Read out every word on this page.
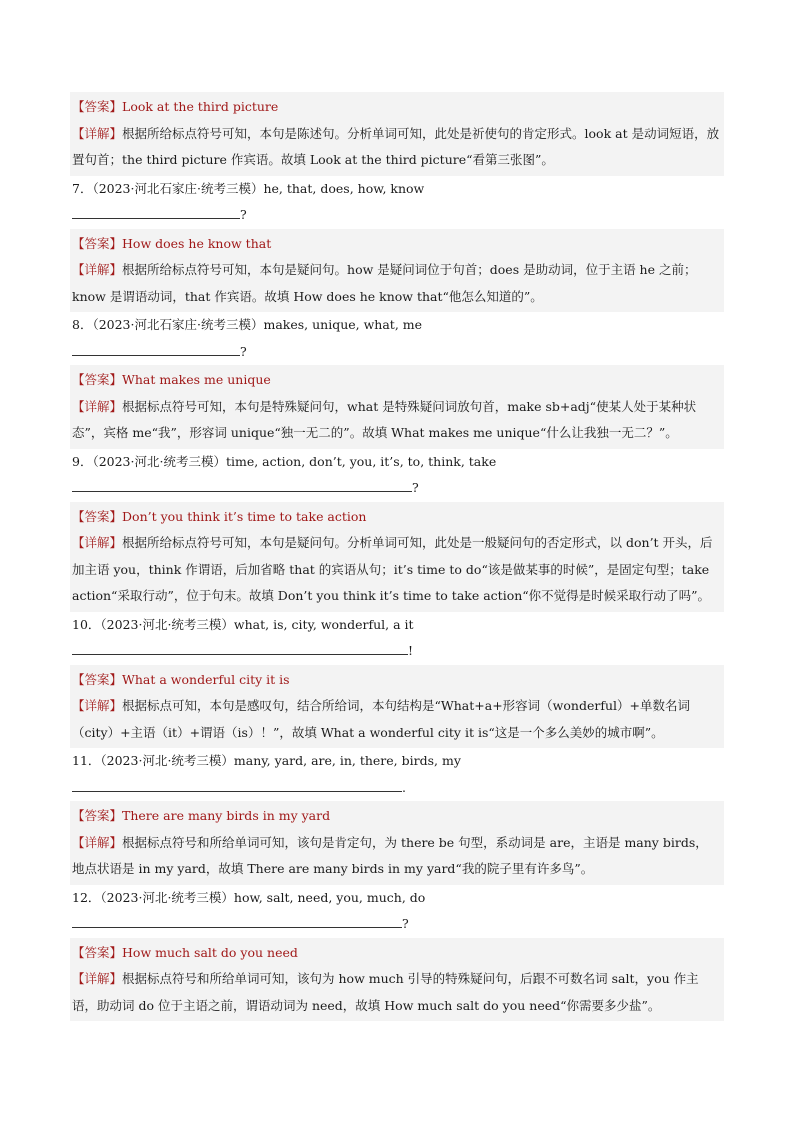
【答案】Look at the third picture
【详解】根据所给标点符号可知，本句是陈述句。分析单词可知，此处是祈使句的肯定形式。look at 是动词短语，放置句首；the third picture 作宾语。故填 Look at the third picture“看第三张图”。
7．（2023·河北石家庄·统考三模）he, that, does, how, know
?
【答案】How does he know that
【详解】根据所给标点符号可知，本句是疑问句。how 是疑问词位于句首；does 是助动词，位于主语 he 之前；know 是谓语动词，that 作宾语。故填 How does he know that“他怎么知道的”。
8．（2023·河北石家庄·统考三模）makes, unique, what, me
?
【答案】What makes me unique
【详解】根据标点符号可知，本句是特殊疑问句，what 是特殊疑问词放句首，make sb+adj“使某人处于某种状态”，宾格 me“我”，形容词 unique“独一无二的”。故填 What makes me unique“什么让我独一无二？”。
9．（2023·河北·统考三模）time, action, don’t, you, it’s, to, think, take
?
【答案】Don’t you think it’s time to take action
【详解】根据所给标点符号可知，本句是疑问句。分析单词可知，此处是一般疑问句的否定形式，以 don’t 开头，后加主语 you，think 作谓语，后加省略 that 的宾语从句；it’s time to do“该是做某事的时候”，是固定句型；take action“采取行动”，位于句末。故填 Don’t you think it’s time to take action“你不觉得是时候采取行动了吗”。
10．（2023·河北·统考三模）what, is, city, wonderful, a it
!
【答案】What a wonderful city it is
【详解】根据标点可知，本句是感叹句，结合所给词，本句结构是“What+a+形容词（wonderful）+单数名词（city）+主语（it）+谓语（is）！”，故填 What a wonderful city it is“这是一个多么美妙的城市啊”。
11．（2023·河北·统考三模）many, yard, are, in, there, birds, my
.
【答案】There are many birds in my yard
【详解】根据标点符号和所给单词可知，该句是肯定句，为 there be 句型，系动词是 are，主语是 many birds，地点状语是 in my yard，故填 There are many birds in my yard“我的院子里有许多鸟”。
12．（2023·河北·统考三模）how, salt, need, you, much, do
?
【答案】How much salt do you need
【详解】根据标点符号和所给单词可知，该句为 how much 引导的特殊疑问句，后跟不可数名词 salt，you 作主语，助动词 do 位于主语之前，谓语动词为 need，故填 How much salt do you need“你需要多少盐”。
